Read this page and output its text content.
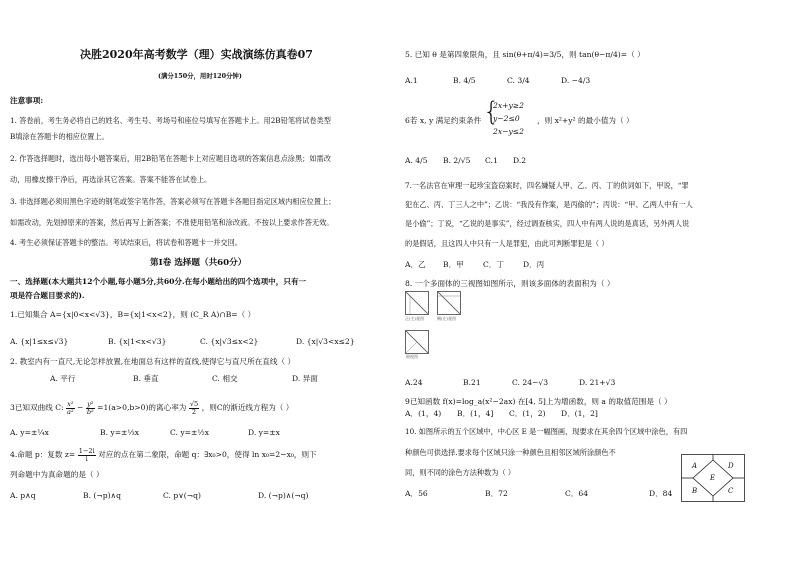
决胜2020年高考数学（理）实战演练仿真卷07
(满分150分，用时120分钟)
注意事项:
1. 答卷前，考生务必将自己的姓名、考生号、考场号和座位号填写在答题卡上。用2B铅笔将试卷类型
B填涂在答题卡的相应位置上。
2. 作答选择题时，选出每小题答案后，用2B铅笔在答题卡上对应题目选项的答案信息点涂黑；如需改
动，用橡皮擦干净后，再选涂其它答案。答案不能答在试卷上。
3. 非选择题必须用黑色字迹的钢笔或签字笔作答，答案必须写在答题卡各题目指定区域内相应位置上；
如需改动，先划掉原来的答案，然后再写上新答案；不准使用铅笔和涂改液。不按以上要求作答无效。
4. 考生必须保证答题卡的整洁。考试结束后，将试卷和答题卡一并交回。
第Ⅰ卷 选择题（共60分）
一、选择题(本大题共12个小题,每小题5分,共60分.在每小题给出的四个选项中，只有一
项是符合题目要求的).
1.已知集合 A={x|0<x<√3}，B={x|1<x<2}，则 (C_R A)∩B=（ ）
A. {x|1≤x≤√3}	B. {x|1<x<√3}	C. {x|√3≤x<2}	D. {x|√3<x≤2}
2. 教室内有一直尺,无论怎样放置,在地面总有这样的直线,使得它与直尺所在直线（ ）
A. 平行	B. 垂直	C. 相交	D. 异面
3已知双曲线 C: $\frac{\text{x²}}{\text{a²}} - \frac{\text{y²}}{\text{b²}} =1(a>0,b>0)$的离心率为 $\frac{√5}{2}$ ，则C的渐近线方程为（ ）
A. y=±¼x	B. y=±⅓x	C. y=±½x	D. y=±x
4.命题 p：复数 $z= \frac{1-2i}{i}$ 对应的点在第二象限，命题 q：∃x₀>0，使得 ln x₀=2−x₀，则下
列命题中为真命题的是（ ）
A. p∧q	B. (¬p)∧q	C. p∨(¬q)	D. (¬p)∧(¬q)
5. 已知 θ 是第四象限角，且 sin(θ+π/4)=3/5，则 tan(θ−π/4)=（ ）
A.1	B. 4/5	C. 3/4	D. −4/3
6若 x, y 满足约束条件 {
2x+y≥2
y−2≤0
2x−y≤2
，则 x²+y² 的最小值为（ ）
A. 4/5 B. 2/√5 C.1 D.2
7.一名法官在审理一起珍宝盗窃案时，四名嫌疑人甲、乙、丙、丁的供词如下，甲说，“罪
犯在乙、丙、丁三人之中”；乙说：“我没有作案，是丙偷的”；丙说：“甲、乙两人中有一人
是小偷”；丁说，“乙说的是事实”，经过调查核实，四人中有两人说的是真话，另外两人说
的是假话，且这四人中只有一人是罪犯，由此可判断罪犯是（ ）
A．乙 B．甲	C．丁	D．丙
8. 一个多面体的三视图如图所示，则该多面体的表面积为（ ）
正(主)视图	侧(左)视图
俯视图
A.24	B.21	C. 24−√3	D. 21+√3
9已知函数 f(x)=log_a(x²−2ax) 在[4, 5]上为增函数，则 a 的取值范围是（ ）
A．(1，4) B．(1，4] C．(1，2) D．(1，2]
10. 如图所示的五个区域中，中心区 E 是一幅图画，现要求在其余四个区域中涂色，有四
种颜色可供选择.要求每个区域只涂一种颜色且相邻区域所涂颜色不
同，则不同的涂色方法种数为（ ）
A．56	B．72	C．64	D．84
A	D
E
B	C
